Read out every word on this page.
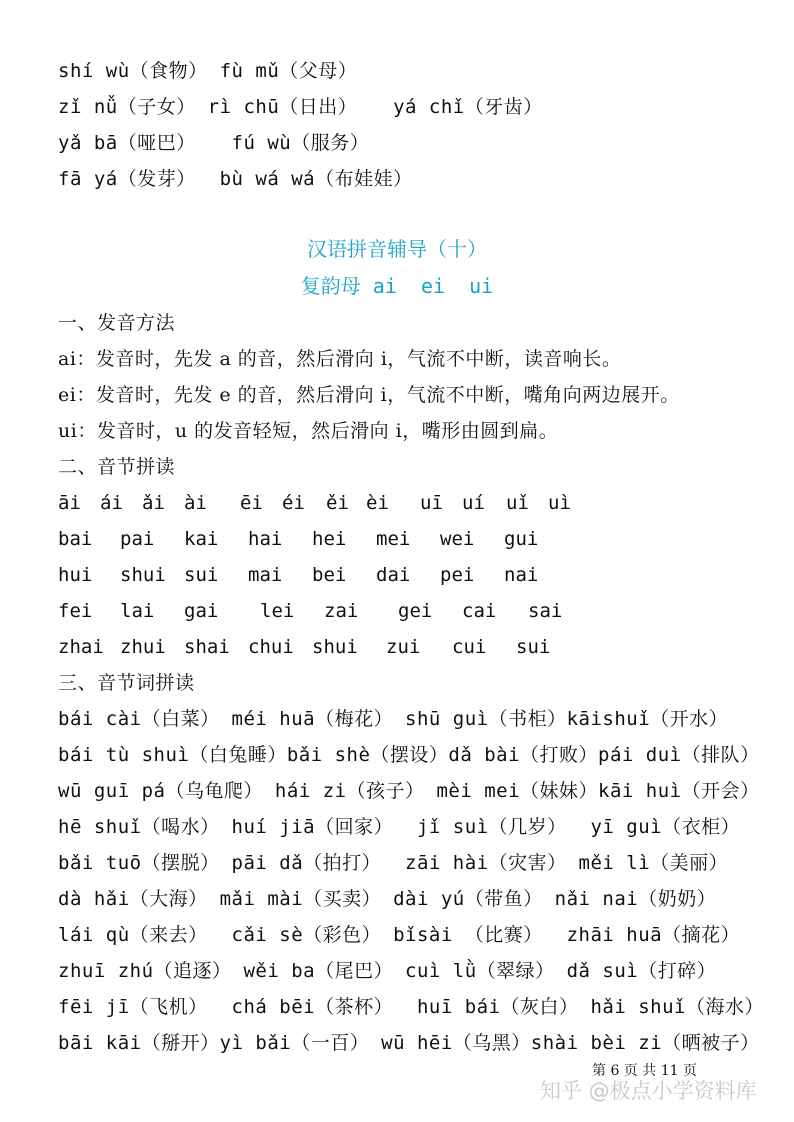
shí wù（食物） fù mǔ（父母）
zǐ nǚ（子女） rì chū（日出）   yá chǐ（牙齿）
yǎ bā（哑巴）   fú wù（服务）
fā yá（发芽）  bù wá wá（布娃娃）
汉语拼音辅导（十）
复韵母 ai  ei  ui
一、发音方法
ai：发音时，先发 a 的音，然后滑向 i，气流不中断，读音响长。
ei：发音时，先发 e 的音，然后滑向 i，气流不中断，嘴角向两边展开。
ui：发音时，u 的发音轻短，然后滑向 i，嘴形由圆到扁。
二、音节拼读
āi ái ǎi ài ēi éi ěi èi uī uí uǐ uì
bai pai kai hai hei mei wei gui
hui shui sui mai bei dai pei nai
fei lai gai lei zai gei cai sai
zhai zhui shai chui shui zui cui sui
三、音节词拼读
bái cài（白菜） méi huā（梅花） shū guì（书柜）kāishuǐ（开水）
bái tù shuì（白兔睡）bǎi shè（摆设）dǎ bài（打败）pái duì（排队）
wū guī pá（乌龟爬） hái zi（孩子） mèi mei（妹妹）kāi huì（开会）
hē shuǐ（喝水） huí jiā（回家）  jǐ suì（几岁）  yī guì（衣柜）
bǎi tuō（摆脱） pāi dǎ（拍打）  zāi hài（灾害） měi lì（美丽）
dà hǎi（大海） mǎi mài（买卖） dài yú（带鱼） nǎi nai（奶奶）
lái qù（来去）  cǎi sè（彩色） bǐsài （比赛）  zhāi huā（摘花）
zhuī zhú（追逐） wěi ba（尾巴） cuì lǜ（翠绿） dǎ suì（打碎）
fēi jī（飞机）  chá bēi（茶杯）  huī bái（灰白） hǎi shuǐ（海水）
bāi kāi（掰开）yì bǎi（一百） wū hēi（乌黑）shài bèi zi（晒被子）
第 6 页 共 11 页
知乎 @极点小学资料库
